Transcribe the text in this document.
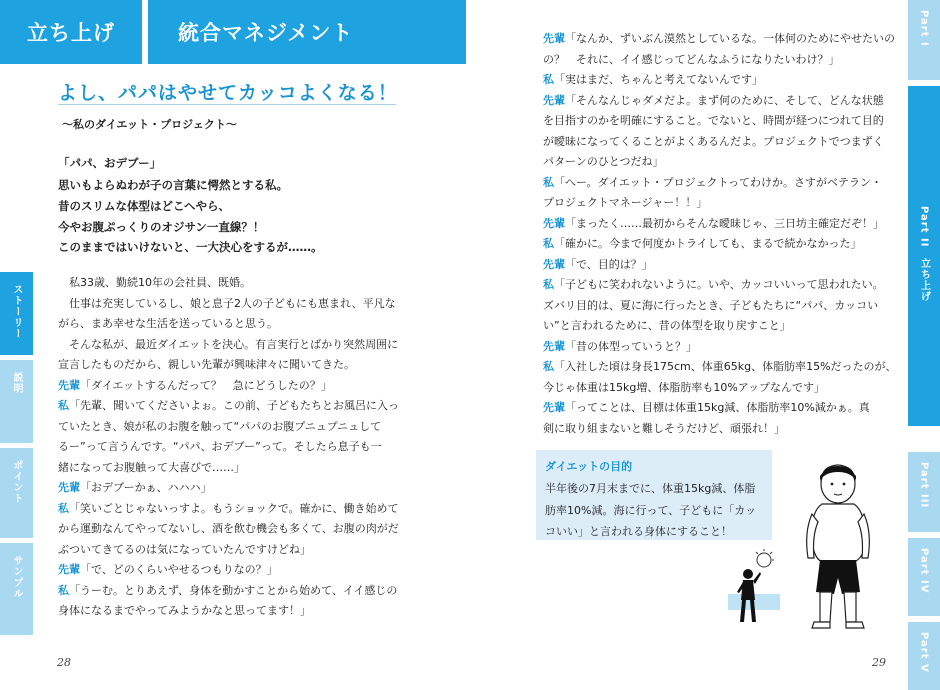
立ち上げ	統合マネジメント
よし、パパはやせてカッコよくなる！
～私のダイエット・プロジェクト～
「パパ、おデブー」
思いもよらぬわが子の言葉に愕然とする私。
昔のスリムな体型はどこへやら、
今やお腹ぷっくりのオジサン一直線？！
このままではいけないと、一大決心をするが……。
　私33歳、勤続10年の会社員、既婚。
　仕事は充実しているし、娘と息子2人の子どもにも恵まれ、平凡な
がら、まあ幸せな生活を送っていると思う。
　そんな私が、最近ダイエットを決心。有言実行とばかり突然周囲に
宣言したものだから、親しい先輩が興味津々に聞いてきた。
先輩「ダイエットするんだって？　急にどうしたの？」
私「先輩、聞いてくださいよぉ。この前、子どもたちとお風呂に入っ
ていたとき、娘が私のお腹を触って“パパのお腹プニュプニュして
るー”って言うんです。“パパ、おデブー”って。そしたら息子も一
緒になってお腹触って大喜びで……」
先輩「おデブーかぁ、ハハハ」
私「笑いごとじゃないっすよ。もうショックで。確かに、働き始めて
から運動なんてやってないし、酒を飲む機会も多くて、お腹の肉がだ
ぶついてきてるのは気になっていたんですけどね」
先輩「で、どのくらいやせるつもりなの？」
私「うーむ。とりあえず、身体を動かすことから始めて、イイ感じの
身体になるまでやってみようかなと思ってます！」
ストーリー
説明
ポイント
サンプル
28
先輩「なんか、ずいぶん漠然としているな。一体何のためにやせたいの
の？　それに、イイ感じってどんなふうになりたいわけ？」
私「実はまだ、ちゃんと考えてないんです」
先輩「そんなんじゃダメだよ。まず何のために、そして、どんな状態
を目指すのかを明確にすること。でないと、時間が経つにつれて目的
が曖昧になってくることがよくあるんだよ。プロジェクトでつまずく
パターンのひとつだね」
私「へー。ダイエット・プロジェクトってわけか。さすがベテラン・
プロジェクトマネージャー！！」
先輩「まったく……最初からそんな曖昧じゃ、三日坊主確定だぞ！」
私「確かに。今まで何度かトライしても、まるで続かなかった」
先輩「で、目的は？」
私「子どもに笑われないように。いや、カッコいいって思われたい。
ズバリ目的は、夏に海に行ったとき、子どもたちに“パパ、カッコい
い”と言われるために、昔の体型を取り戻すこと」
先輩「昔の体型っていうと？」
私「入社した頃は身長175cm、体重65kg、体脂肪率15%だったのが、
今じゃ体重は15kg増、体脂肪率も10%アップなんです」
先輩「ってことは、目標は体重15kg減、体脂肪率10%減かぁ。真
剣に取り組まないと難しそうだけど、頑張れ！」
ダイエットの目的
半年後の7月末までに、体重15kg減、体脂
肪率10%減。海に行って、子どもに「カッ
コいい」と言われる身体にすること！
Part I
Part II　立ち上げ
Part III
Part IV
Part V
29
